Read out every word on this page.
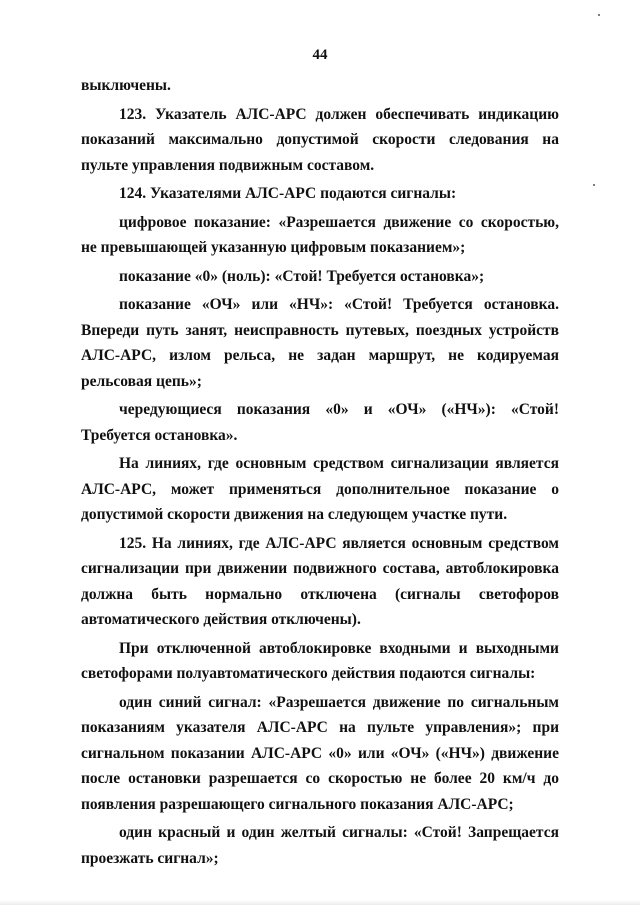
44

выключены.

123. Указатель АЛС-АРС должен обеспечивать индикацию показаний максимально допустимой скорости следования на пульте управления подвижным составом.

124. Указателями АЛС-АРС подаются сигналы:

цифровое показание: «Разрешается движение со скоростью, не превышающей указанную цифровым показанием»;

показание «0» (ноль): «Стой! Требуется остановка»;

показание «ОЧ» или «НЧ»: «Стой! Требуется остановка. Впереди путь занят, неисправность путевых, поездных устройств АЛС-АРС, излом рельса, не задан маршрут, не кодируемая рельсовая цепь»;

чередующиеся показания «0» и «ОЧ» («НЧ»): «Стой! Требуется остановка».

На линиях, где основным средством сигнализации является АЛС-АРС, может применяться дополнительное показание о допустимой скорости движения на следующем участке пути.

125. На линиях, где АЛС-АРС является основным средством сигнализации при движении подвижного состава, автоблокировка должна быть нормально отключена (сигналы светофоров автоматического действия отключены).

При отключенной автоблокировке входными и выходными светофорами полуавтоматического действия подаются сигналы:

один синий сигнал: «Разрешается движение по сигнальным показаниям указателя АЛС-АРС на пульте управления»; при сигнальном показании АЛС-АРС «0» или «ОЧ» («НЧ») движение после остановки разрешается со скоростью не более 20 км/ч до появления разрешающего сигнального показания АЛС-АРС;

один красный и один желтый сигналы: «Стой! Запрещается проезжать сигнал»;
